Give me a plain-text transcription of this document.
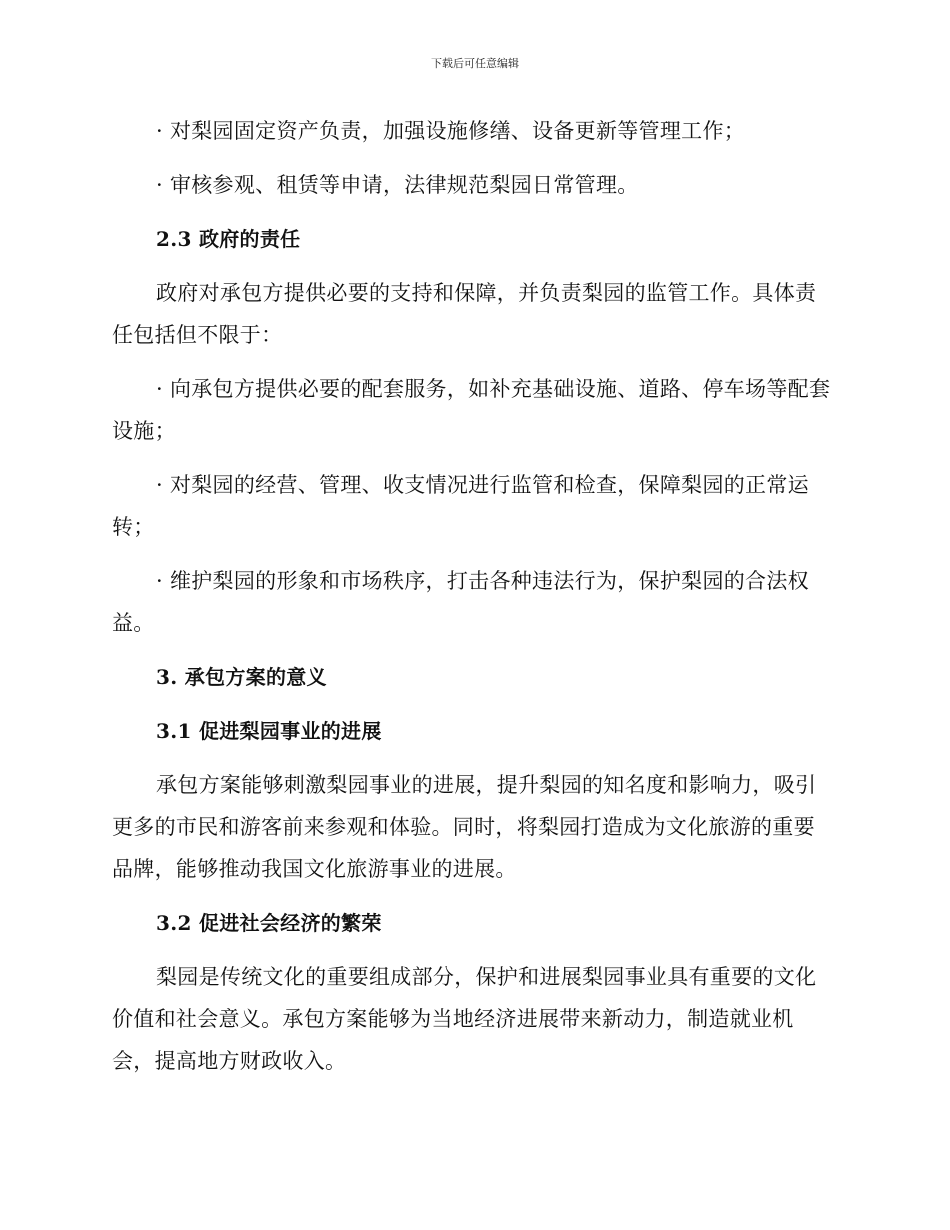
下载后可任意编辑

· 对梨园固定资产负责，加强设施修缮、设备更新等管理工作；

· 审核参观、租赁等申请，法律规范梨园日常管理。

2.3 政府的责任

政府对承包方提供必要的支持和保障，并负责梨园的监管工作。具体责任包括但不限于：

· 向承包方提供必要的配套服务，如补充基础设施、道路、停车场等配套设施；

· 对梨园的经营、管理、收支情况进行监管和检查，保障梨园的正常运转；

· 维护梨园的形象和市场秩序，打击各种违法行为，保护梨园的合法权益。

3. 承包方案的意义

3.1 促进梨园事业的进展

承包方案能够刺激梨园事业的进展，提升梨园的知名度和影响力，吸引更多的市民和游客前来参观和体验。同时，将梨园打造成为文化旅游的重要品牌，能够推动我国文化旅游事业的进展。

3.2 促进社会经济的繁荣

梨园是传统文化的重要组成部分，保护和进展梨园事业具有重要的文化价值和社会意义。承包方案能够为当地经济进展带来新动力，制造就业机会，提高地方财政收入。
